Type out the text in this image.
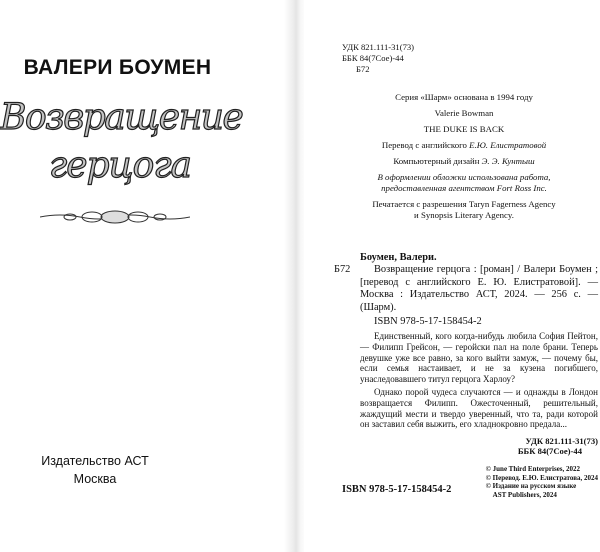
ВАЛЕРИ БОУМЕН
Возвращение
герцога
Издательство АСТ
Москва
УДК 821.111-31(73)
ББК 84(7Сое)-44
Б72
Серия «Шарм» основана в 1994 году
Valerie Bowman
THE DUKE IS BACK
Перевод с английского Е.Ю. Елистратовой
Компьютерный дизайн Э. Э. Кунтыш
В оформлении обложки использована работа,
предоставленная агентством Fort Ross Inc.
Печатается с разрешения Taryn Fagerness Agency
и Synopsis Literary Agency.
Боумен, Валери.
Б72	Возвращение герцога : [роман] / Валери Боумен ; [перевод с английского Е. Ю. Елистратовой]. — Москва : Издательство АСТ, 2024. — 256 с. — (Шарм).
ISBN 978-5-17-158454-2

Единственный, кого когда-нибудь любила София Пейтон, — Филипп Грейсон, — геройски пал на поле брани. Теперь девушке уже все равно, за кого выйти замуж, — почему бы, если семья настаивает, и не за кузена погибшего, унаследовавшего титул герцога Харлоу?

Однако порой чудеса случаются — и однажды в Лондон возвращается Филипп. Ожесточенный, решительный, жаждущий мести и твердо уверенный, что та, ради которой он заставил себя выжить, его хладнокровно предала...

УДК 821.111-31(73)
ББК 84(7Сое)-44
ISBN 978-5-17-158454-2
© June Third Enterprises, 2022
© Перевод. Е.Ю. Елистратова, 2024
© Издание на русском языке
AST Publishers, 2024
